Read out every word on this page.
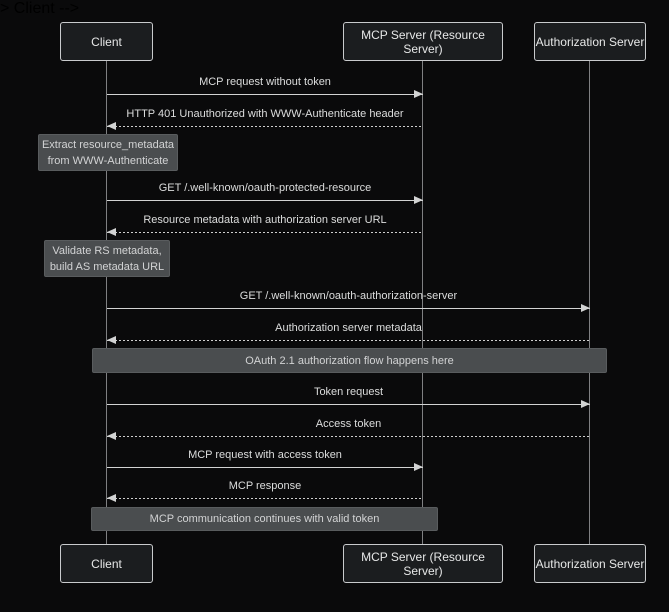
Client	MCP Server (Resource Server)	Authorization Server
MCP request without token
> Client -->
HTTP 401 Unauthorized with WWW-Authenticate header
Extract resource_metadata
from WWW-Authenticate
GET /.well-known/oauth-protected-resource
Resource metadata with authorization server URL
Validate RS metadata,
build AS metadata URL
GET /.well-known/oauth-authorization-server
Authorization server metadata
OAuth 2.1 authorization flow happens here
Token request
Access token
MCP request with access token
MCP response
MCP communication continues with valid token
Client	MCP Server (Resource Server)	Authorization Server
